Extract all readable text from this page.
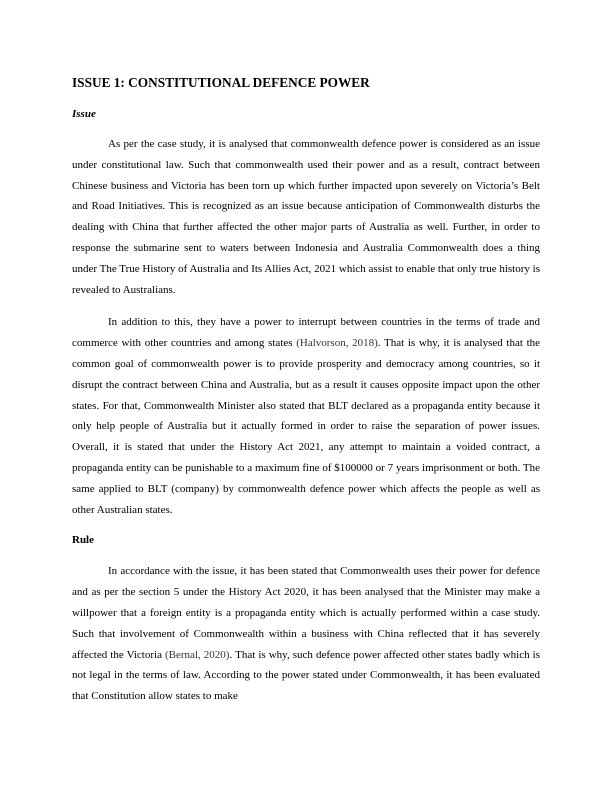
ISSUE 1: CONSTITUTIONAL DEFENCE POWER
Issue

As per the case study, it is analysed that commonwealth defence power is considered as an issue under constitutional law. Such that commonwealth used their power and as a result, contract between Chinese business and Victoria has been torn up which further impacted upon severely on Victoria’s Belt and Road Initiatives. This is recognized as an issue because anticipation of Commonwealth disturbs the dealing with China that further affected the other major parts of Australia as well. Further, in order to response the submarine sent to waters between Indonesia and Australia Commonwealth does a thing under The True History of Australia and Its Allies Act, 2021 which assist to enable that only true history is revealed to Australians.

In addition to this, they have a power to interrupt between countries in the terms of trade and commerce with other countries and among states (Halvorson, 2018). That is why, it is analysed that the common goal of commonwealth power is to provide prosperity and democracy among countries, so it disrupt the contract between China and Australia, but as a result it causes opposite impact upon the other states. For that, Commonwealth Minister also stated that BLT declared as a propaganda entity because it only help people of Australia but it actually formed in order to raise the separation of power issues. Overall, it is stated that under the History Act 2021, any attempt to maintain a voided contract, a propaganda entity can be punishable to a maximum fine of $100000 or 7 years imprisonment or both. The same applied to BLT (company) by commonwealth defence power which affects the people as well as other Australian states.

Rule

In accordance with the issue, it has been stated that Commonwealth uses their power for defence and as per the section 5 under the History Act 2020, it has been analysed that the Minister may make a willpower that a foreign entity is a propaganda entity which is actually performed within a case study. Such that involvement of Commonwealth within a business with China reflected that it has severely affected the Victoria (Bernal, 2020). That is why, such defence power affected other states badly which is not legal in the terms of law. According to the power stated under Commonwealth, it has been evaluated that Constitution allow states to make
